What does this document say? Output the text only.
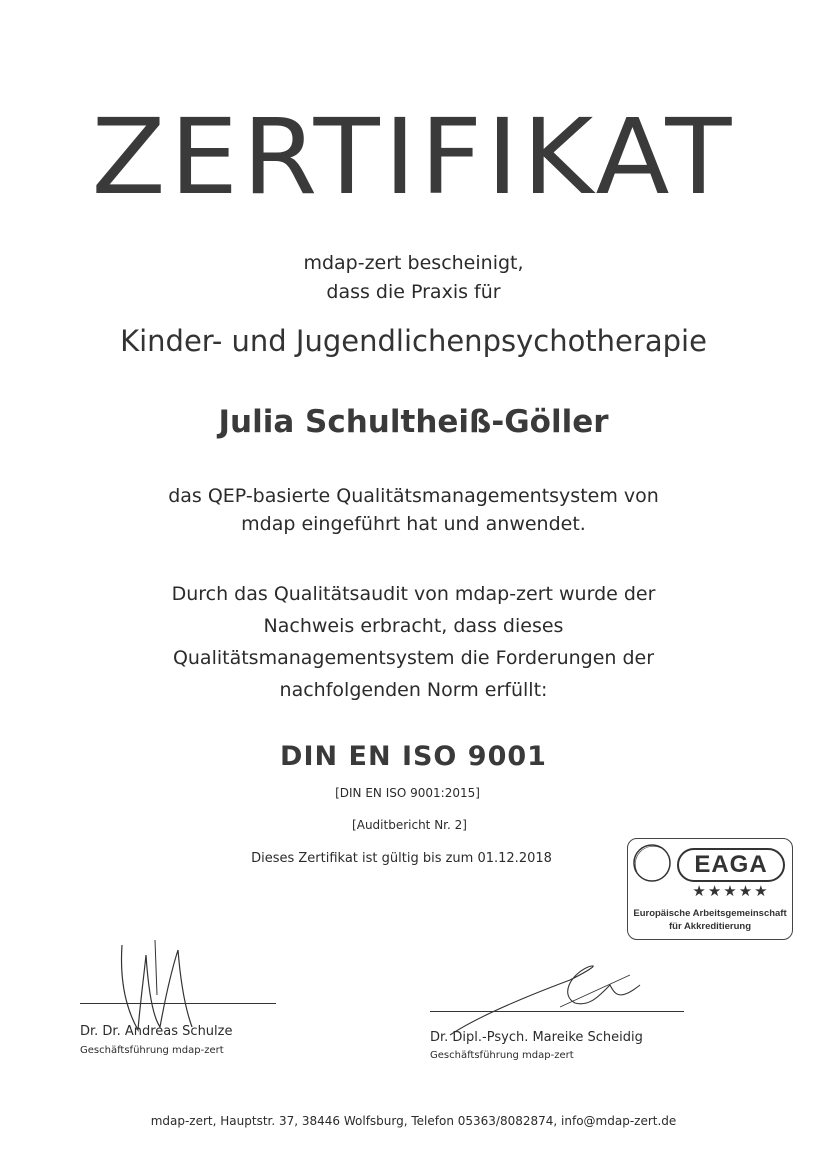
ZERTIFIKAT
mdap-zert bescheinigt,
dass die Praxis für
Kinder- und Jugendlichenpsychotherapie
Julia Schultheiß-Göller
das QEP-basierte Qualitätsmanagementsystem von
mdap eingeführt hat und anwendet.
Durch das Qualitätsaudit von mdap-zert wurde der
Nachweis erbracht, dass dieses
Qualitätsmanagementsystem die Forderungen der
nachfolgenden Norm erfüllt:
DIN EN ISO 9001
[DIN EN ISO 9001:2015]
[Auditbericht Nr. 2]
Dieses Zertifikat ist gültig bis zum 01.12.2018	EAGA
★★★★★
Europäische Arbeitsgemeinschaft
für Akkreditierung
Dr. Dr. Andreas Schulze
Geschäftsführung mdap-zert
Dr. Dipl.-Psych. Mareike Scheidig
Geschäftsführung mdap-zert
mdap-zert, Hauptstr. 37, 38446 Wolfsburg, Telefon 05363/8082874, info@mdap-zert.de
